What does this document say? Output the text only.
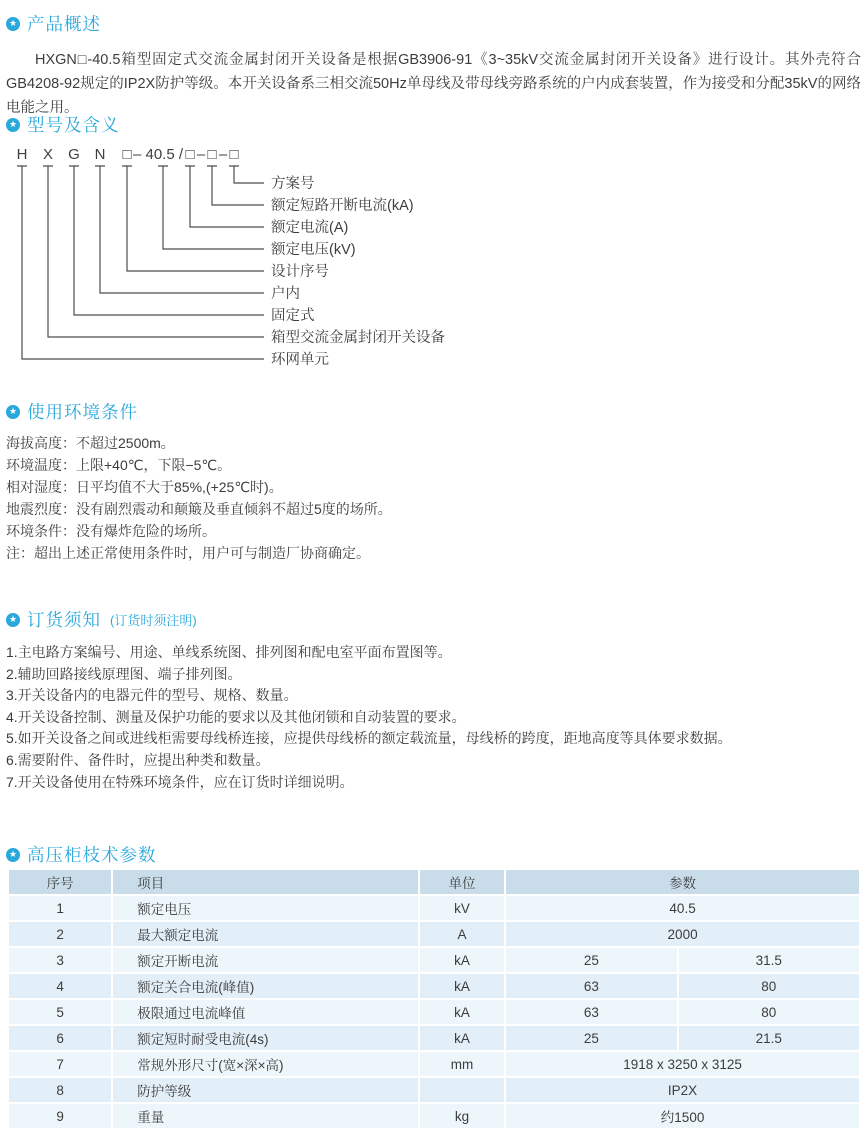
★ 产品概述

HXGN□-40.5箱型固定式交流金属封闭开关设备是根据GB3906-91《3~35kV交流金属封闭开关设备》进行设计。其外壳符合GB4208-92规定的IP2X防护等级。本开关设备系三相交流50Hz单母线及带母线旁路系统的户内成套装置，作为接受和分配35kV的网络电能之用。

★ 型号及含义
H X G N □ – 40.5 / □ – □ – □
方案号
额定短路开断电流(kA)
额定电流(A)
额定电压(kV)
设计序号
户内
固定式
箱型交流金属封闭开关设备
环网单元
★ 使用环境条件
海拔高度：不超过2500m。
环境温度：上限+40℃，下限−5℃。
相对湿度：日平均值不大于85%,(+25℃时)。
地震烈度：没有剧烈震动和颠簸及垂直倾斜不超过5度的场所。
环境条件：没有爆炸危险的场所。
注：超出上述正常使用条件时，用户可与制造厂协商确定。
★ 订货须知 (订货时须注明)
1.主电路方案编号、用途、单线系统图、排列图和配电室平面布置图等。
2.辅助回路接线原理图、端子排列图。
3.开关设备内的电器元件的型号、规格、数量。
4.开关设备控制、测量及保护功能的要求以及其他闭锁和自动装置的要求。
5.如开关设备之间或进线柜需要母线桥连接，应提供母线桥的额定载流量，母线桥的跨度，距地高度等具体要求数据。
6.需要附件、备件时，应提出种类和数量。
7.开关设备使用在特殊环境条件，应在订货时详细说明。
★ 高压柜枝术参数
序号	项目	单位	参数	
1	额定电压	kV	40.5	
2	最大额定电流	A	2000	
3	额定开断电流	kA	25	31.5
4	额定关合电流(峰值)	kA	63	80
5	极限通过电流峰值	kA	63	80
6	额定短时耐受电流(4s)	kA	25	21.5
7	常规外形尺寸(宽×深×高)	mm	1918 x 3250 x 3125	
8	防护等级		IP2X	
9	重量	kg	约1500	
